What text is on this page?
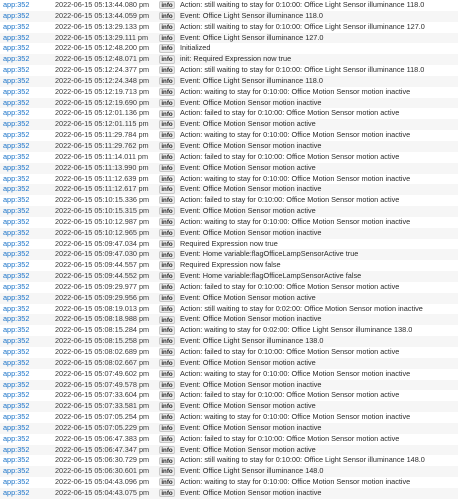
app:352	2022-06-15 05:13:44.080 pm	info	Action: still waiting to stay for 0:10:00: Office Light Sensor illuminance 118.0
app:352	2022-06-15 05:13:44.059 pm	info	Event: Office Light Sensor illuminance 118.0
app:352	2022-06-15 05:13:29.133 pm	info	Action: still waiting to stay for 0:10:00: Office Light Sensor illuminance 127.0
app:352	2022-06-15 05:13:29.111 pm	info	Event: Office Light Sensor illuminance 127.0
app:352	2022-06-15 05:12:48.200 pm	info	Initialized
app:352	2022-06-15 05:12:48.071 pm	info	init: Required Expression now true
app:352	2022-06-15 05:12:24.377 pm	info	Action: still waiting to stay for 0:10:00: Office Light Sensor illuminance 118.0
app:352	2022-06-15 05:12:24.348 pm	info	Event: Office Light Sensor illuminance 118.0
app:352	2022-06-15 05:12:19.713 pm	info	Action: waiting to stay for 0:10:00: Office Motion Sensor motion inactive
app:352	2022-06-15 05:12:19.690 pm	info	Event: Office Motion Sensor motion inactive
app:352	2022-06-15 05:12:01.136 pm	info	Action: failed to stay for 0:10:00: Office Motion Sensor motion active
app:352	2022-06-15 05:12:01.115 pm	info	Event: Office Motion Sensor motion active
app:352	2022-06-15 05:11:29.784 pm	info	Action: waiting to stay for 0:10:00: Office Motion Sensor motion inactive
app:352	2022-06-15 05:11:29.762 pm	info	Event: Office Motion Sensor motion inactive
app:352	2022-06-15 05:11:14.011 pm	info	Action: failed to stay for 0:10:00: Office Motion Sensor motion active
app:352	2022-06-15 05:11:13.990 pm	info	Event: Office Motion Sensor motion active
app:352	2022-06-15 05:11:12.639 pm	info	Action: waiting to stay for 0:10:00: Office Motion Sensor motion inactive
app:352	2022-06-15 05:11:12.617 pm	info	Event: Office Motion Sensor motion inactive
app:352	2022-06-15 05:10:15.336 pm	info	Action: failed to stay for 0:10:00: Office Motion Sensor motion active
app:352	2022-06-15 05:10:15.315 pm	info	Event: Office Motion Sensor motion active
app:352	2022-06-15 05:10:12.987 pm	info	Action: waiting to stay for 0:10:00: Office Motion Sensor motion inactive
app:352	2022-06-15 05:10:12.965 pm	info	Event: Office Motion Sensor motion inactive
app:352	2022-06-15 05:09:47.034 pm	info	Required Expression now true
app:352	2022-06-15 05:09:47.030 pm	info	Event: Home variable:flagOfficeLampSensorActive true
app:352	2022-06-15 05:09:44.557 pm	info	Required Expression now false
app:352	2022-06-15 05:09:44.552 pm	info	Event: Home variable:flagOfficeLampSensorActive false
app:352	2022-06-15 05:09:29.977 pm	info	Action: failed to stay for 0:10:00: Office Motion Sensor motion active
app:352	2022-06-15 05:09:29.956 pm	info	Event: Office Motion Sensor motion active
app:352	2022-06-15 05:08:19.013 pm	info	Action: still waiting to stay for 0:02:00: Office Motion Sensor motion inactive
app:352	2022-06-15 05:08:18.988 pm	info	Event: Office Motion Sensor motion inactive
app:352	2022-06-15 05:08:15.284 pm	info	Action: waiting to stay for 0:02:00: Office Light Sensor illuminance 138.0
app:352	2022-06-15 05:08:15.258 pm	info	Event: Office Light Sensor illuminance 138.0
app:352	2022-06-15 05:08:02.689 pm	info	Action: failed to stay for 0:10:00: Office Motion Sensor motion active
app:352	2022-06-15 05:08:02.667 pm	info	Event: Office Motion Sensor motion active
app:352	2022-06-15 05:07:49.602 pm	info	Action: waiting to stay for 0:10:00: Office Motion Sensor motion inactive
app:352	2022-06-15 05:07:49.578 pm	info	Event: Office Motion Sensor motion inactive
app:352	2022-06-15 05:07:33.604 pm	info	Action: failed to stay for 0:10:00: Office Motion Sensor motion active
app:352	2022-06-15 05:07:33.581 pm	info	Event: Office Motion Sensor motion active
app:352	2022-06-15 05:07:05.254 pm	info	Action: waiting to stay for 0:10:00: Office Motion Sensor motion inactive
app:352	2022-06-15 05:07:05.229 pm	info	Event: Office Motion Sensor motion inactive
app:352	2022-06-15 05:06:47.383 pm	info	Action: failed to stay for 0:10:00: Office Motion Sensor motion active
app:352	2022-06-15 05:06:47.347 pm	info	Event: Office Motion Sensor motion active
app:352	2022-06-15 05:06:30.729 pm	info	Action: still waiting to stay for 0:10:00: Office Light Sensor illuminance 148.0
app:352	2022-06-15 05:06:30.601 pm	info	Event: Office Light Sensor illuminance 148.0
app:352	2022-06-15 05:04:43.096 pm	info	Action: waiting to stay for 0:10:00: Office Motion Sensor motion inactive
app:352	2022-06-15 05:04:43.075 pm	info	Event: Office Motion Sensor motion inactive
